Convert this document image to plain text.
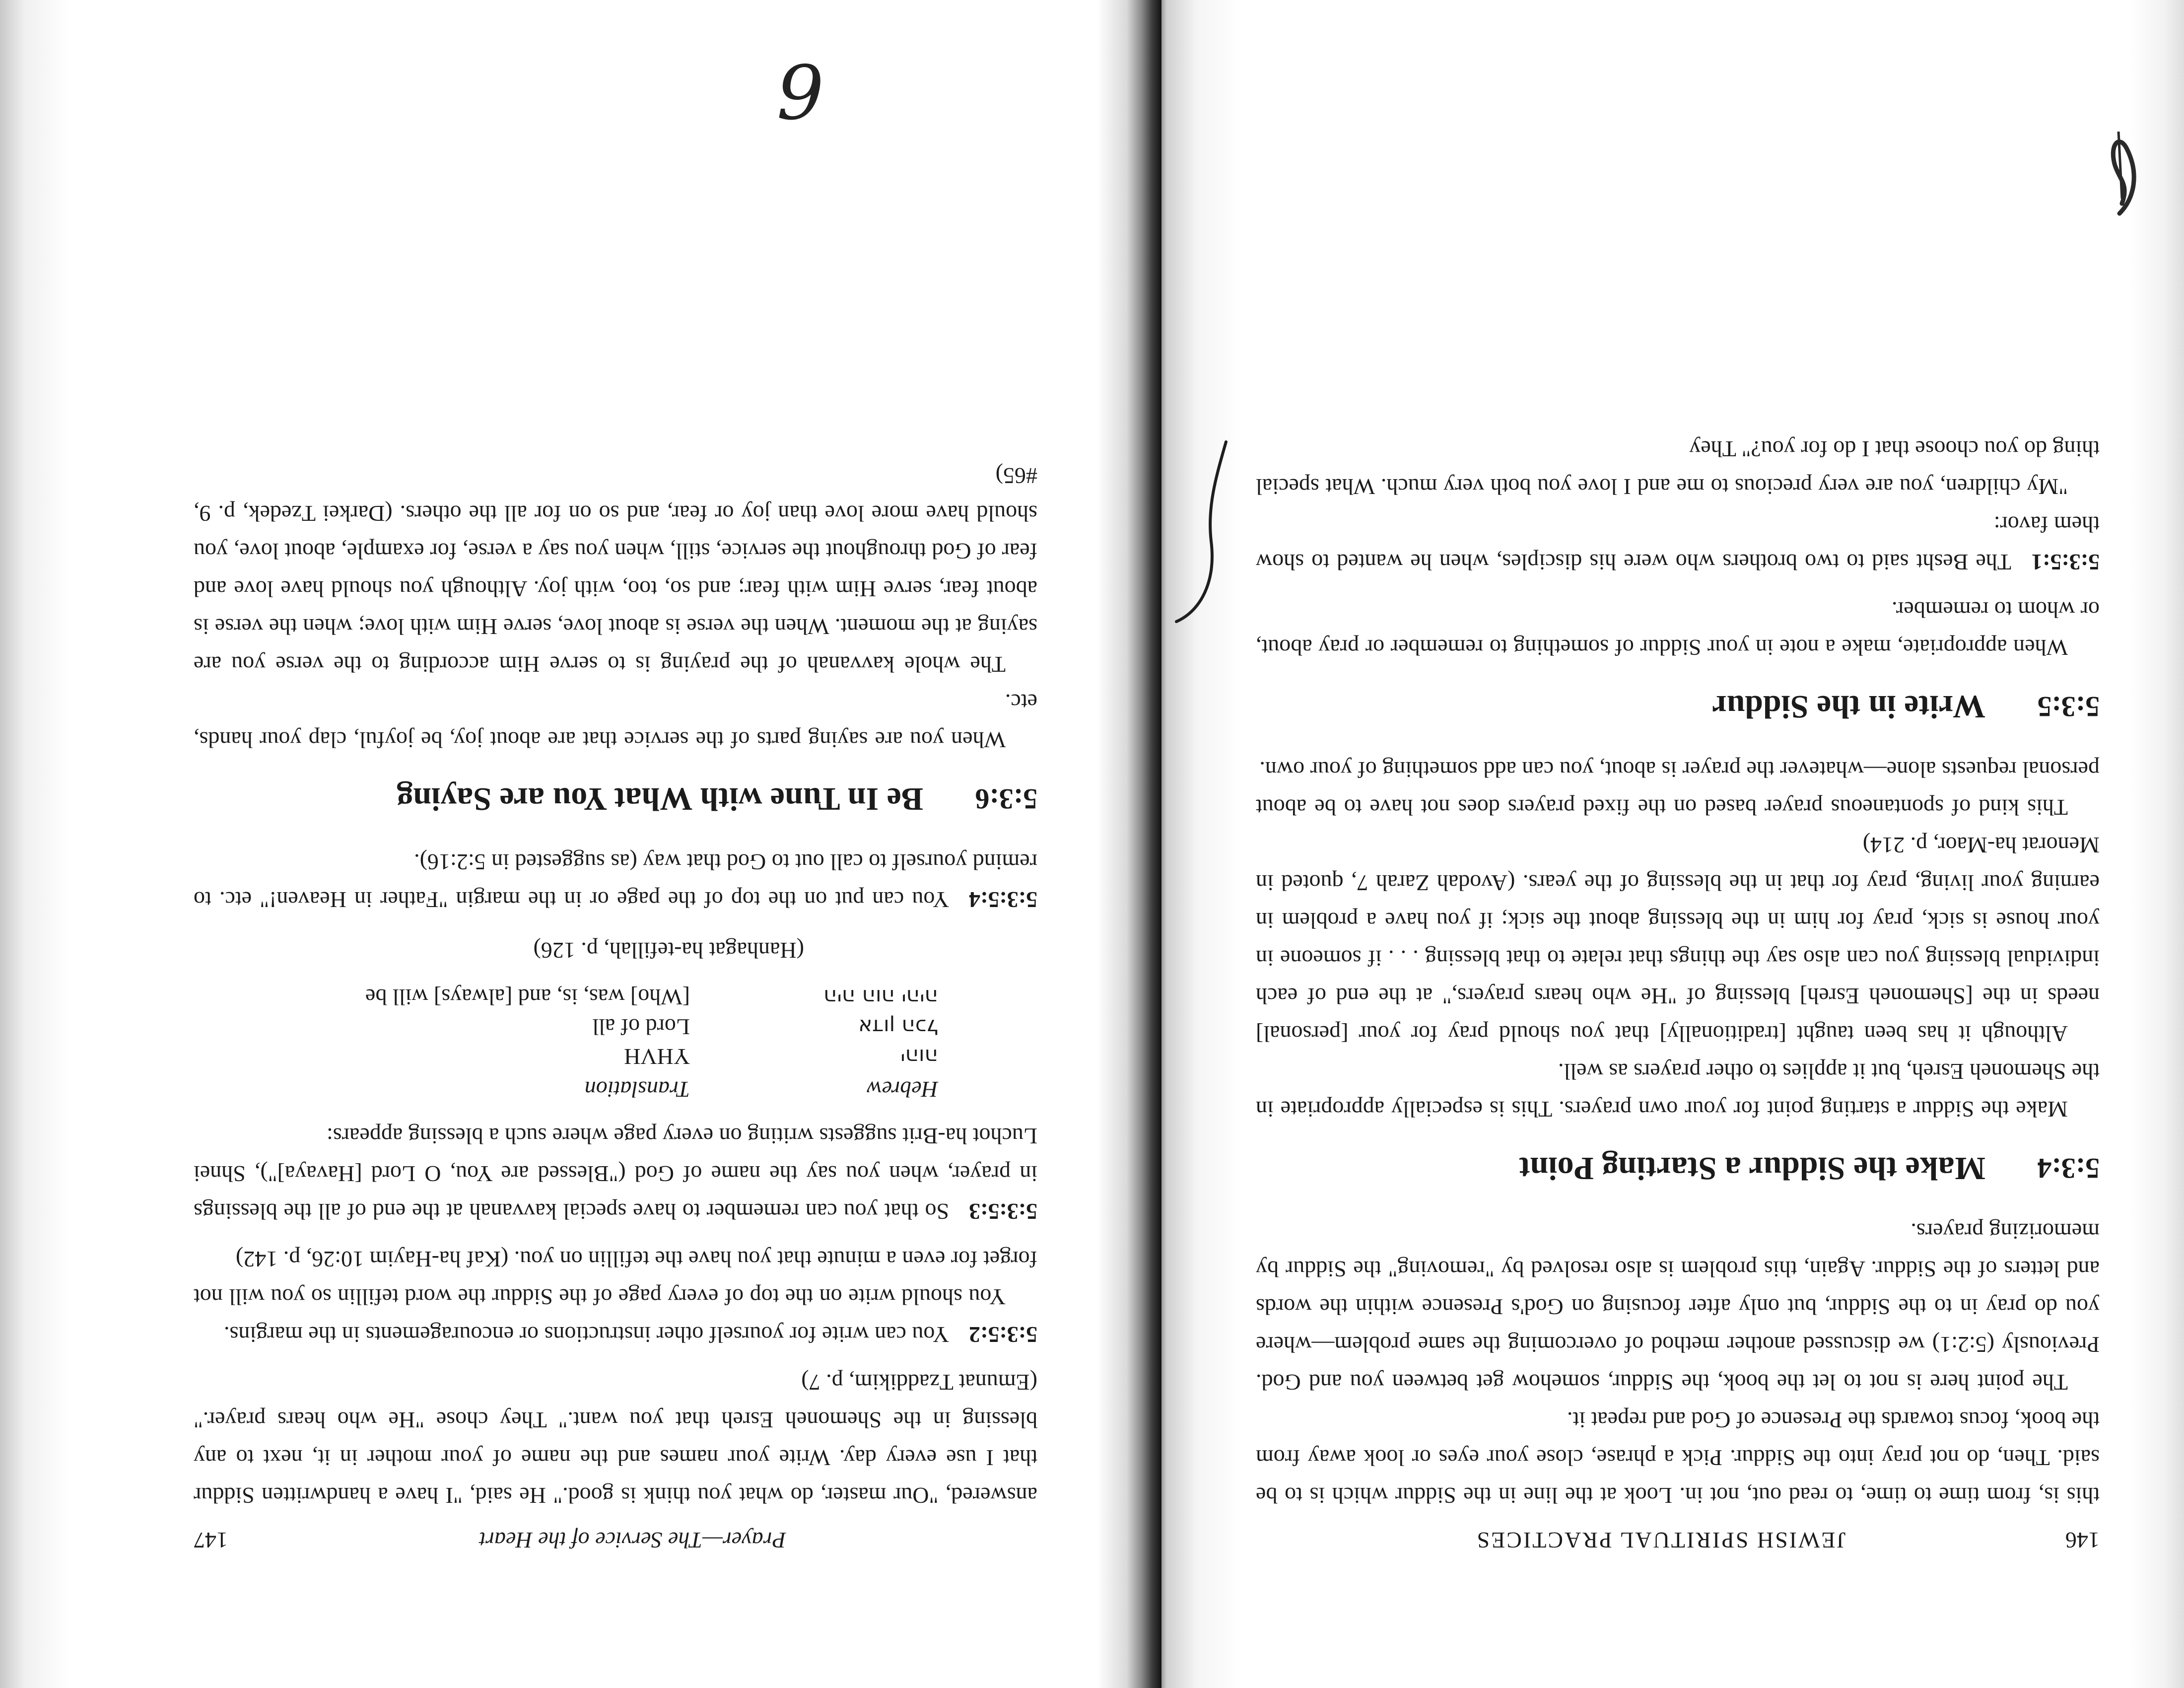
146
JEWISH SPIRITUAL PRACTICES

this is, from time to time, to read out, not in. Look at the line in the Siddur which is to be said. Then, do not pray into the Siddur. Pick a phrase, close your eyes or look away from the book, focus towards the Presence of God and repeat it.

The point here is not to let the book, the Siddur, somehow get between you and God. Previously (5:2:1) we discussed another method of overcoming the same problem—where you do pray in to the Siddur, but only after focusing on God's Presence within the words and letters of the Siddur. Again, this problem is also resolved by "removing" the Siddur by memorizing prayers.

5:3:4
Make the Siddur a Starting Point

Make the Siddur a starting point for your own prayers. This is especially appropriate in the Shemoneh Esreh, but it applies to other prayers as well.

Although it has been taught [traditionally] that you should pray for your [personal] needs in the [Shemoneh Esreh] blessing of "He who hears prayers," at the end of each individual blessing you can also say the things that relate to that blessing . . . if someone in your house is sick, pray for him in the blessing about the sick; if you have a problem in earning your living, pray for that in the blessing of the years. (Avodah Zarah 7, quoted in Menorat ha-Maor, p. 214)

This kind of spontaneous prayer based on the fixed prayers does not have to be about personal requests alone—whatever the prayer is about, you can add something of your own.

5:3:5
Write in the Siddur

When appropriate, make a note in your Siddur of something to remember or pray about, or whom to remember.

5:3:5:1The Besht said to two brothers who were his disciples, when he wanted to show them favor:

"My children, you are very precious to me and I love you both very much. What special thing do you choose that I do for you?" They

Prayer—The Service of the Heart
147

answered, "Our master, do what you think is good." He said, "I have a handwritten Siddur that I use every day. Write your names and the name of your mother in it, next to any blessing in the Shemoneh Esreh that you want." They chose "He who hears prayer." (Emunat Tzaddikim, p. 7)

5:3:5:2You can write for yourself other instructions or encouragements in the margins.

You should write on the top of every page of the Siddur the word tefillin so you will not forget for even a minute that you have the tefillin on you. (Kaf ha-Hayim 10:26, p. 142)

5:3:5:3So that you can remember to have special kavvanah at the end of all the blessings in prayer, when you say the name of God ("Blessed are You, O Lord [Havaya]"), Shnei Luchot ha-Brit suggests writing on every page where such a blessing appears:

Hebrew	Translation
יהוה	YHVH
אדון הכל	Lord of all
היה הוה יהיה	[Who] was, is, and [always] will be

(Hanhagat ha-tefillah, p. 126)

5:3:5:4You can put on the top of the page or in the margin "Father in Heaven!" etc. to remind yourself to call out to God that way (as suggested in 5:2:16).

5:3:6
Be In Tune with What You are Saying

When you are saying parts of the service that are about joy, be joyful, clap your hands, etc.

The whole kavvanah of the praying is to serve Him according to the verse you are saying at the moment. When the verse is about love, serve Him with love; when the verse is about fear, serve Him with fear; and so, too, with joy. Although you should have love and fear of God throughout the service, still, when you say a verse, for example, about love, you should have more love than joy or fear, and so on for all the others. (Darkei Tzedek, p. 9, #65)

6
